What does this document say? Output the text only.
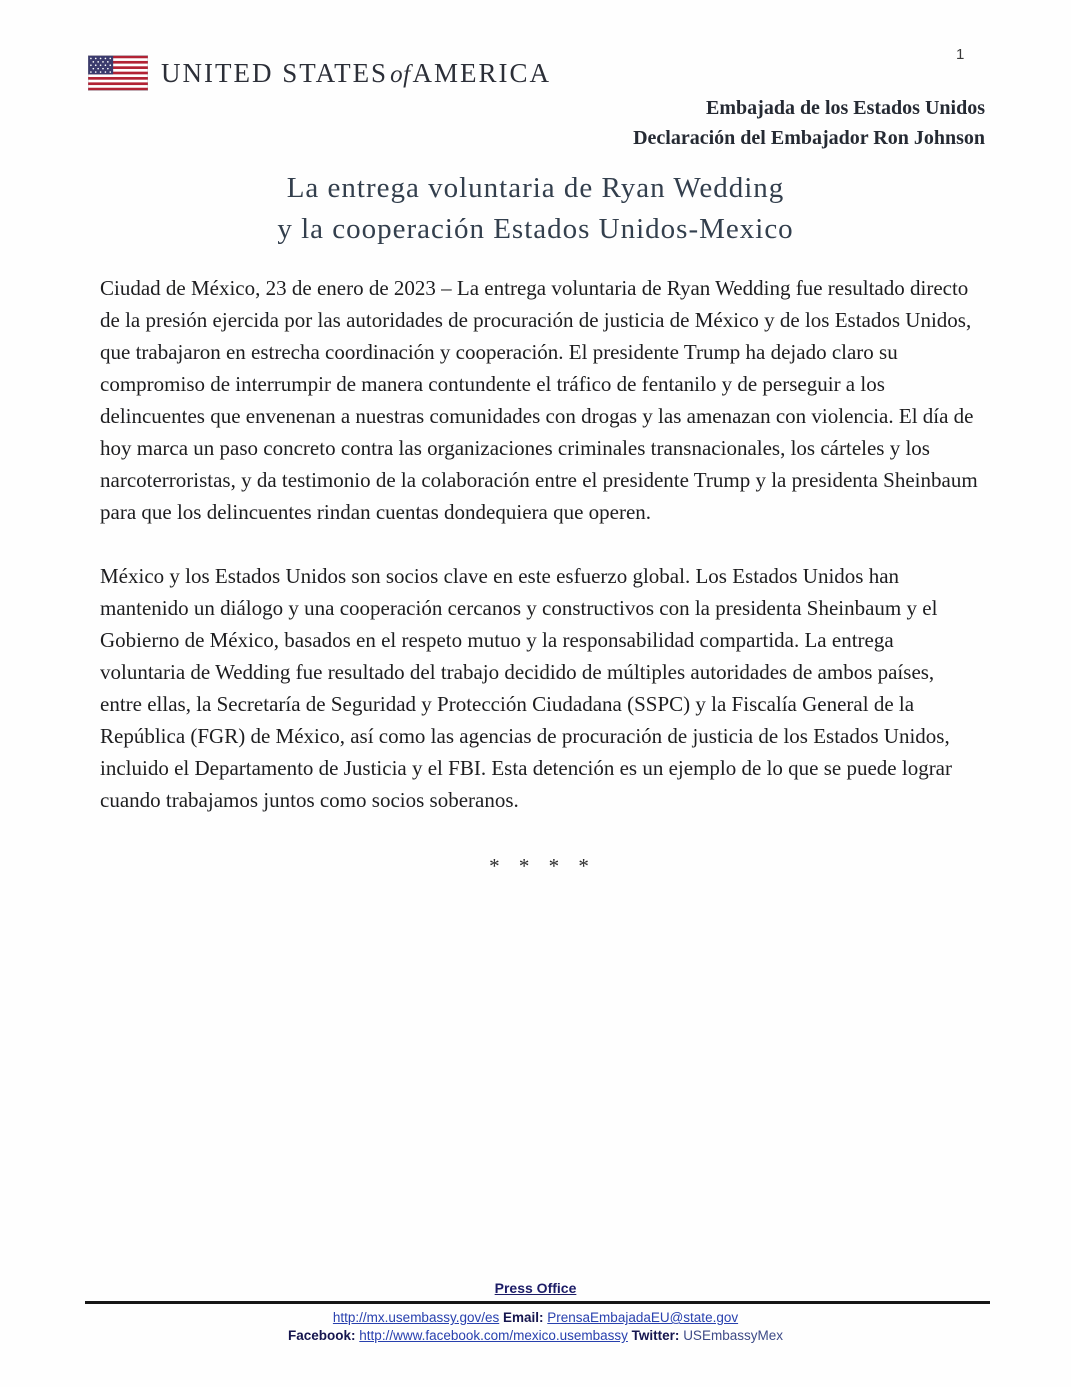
UNITED STATESofAMERICA
1
Embajada de los Estados Unidos
Declaración del Embajador Ron Johnson
La entrega voluntaria de Ryan Wedding
y la cooperación Estados Unidos-Mexico

Ciudad de México, 23 de enero de 2023 – La entrega voluntaria de Ryan Wedding fue resultado directo de la presión ejercida por las autoridades de procuración de justicia de México y de los Estados Unidos, que trabajaron en estrecha coordinación y cooperación. El presidente Trump ha dejado claro su compromiso de interrumpir de manera contundente el tráfico de fentanilo y de perseguir a los delincuentes que envenenan a nuestras comunidades con drogas y las amenazan con violencia. El día de hoy marca un paso concreto contra las organizaciones criminales transnacionales, los cárteles y los narcoterroristas, y da testimonio de la colaboración entre el presidente Trump y la presidenta Sheinbaum para que los delincuentes rindan cuentas dondequiera que operen.

México y los Estados Unidos son socios clave en este esfuerzo global. Los Estados Unidos han mantenido un diálogo y una cooperación cercanos y constructivos con la presidenta Sheinbaum y el Gobierno de México, basados en el respeto mutuo y la responsabilidad compartida. La entrega voluntaria de Wedding fue resultado del trabajo decidido de múltiples autoridades de ambos países, entre ellas, la Secretaría de Seguridad y Protección Ciudadana (SSPC) y la Fiscalía General de la República (FGR) de México, así como las agencias de procuración de justicia de los Estados Unidos, incluido el Departamento de Justicia y el FBI. Esta detención es un ejemplo de lo que se puede lograr cuando trabajamos juntos como socios soberanos.

* * * *
Press Office
http://mx.usembassy.gov/es Email: PrensaEmbajadaEU@state.gov
Facebook: http://www.facebook.com/mexico.usembassy Twitter: USEmbassyMex
